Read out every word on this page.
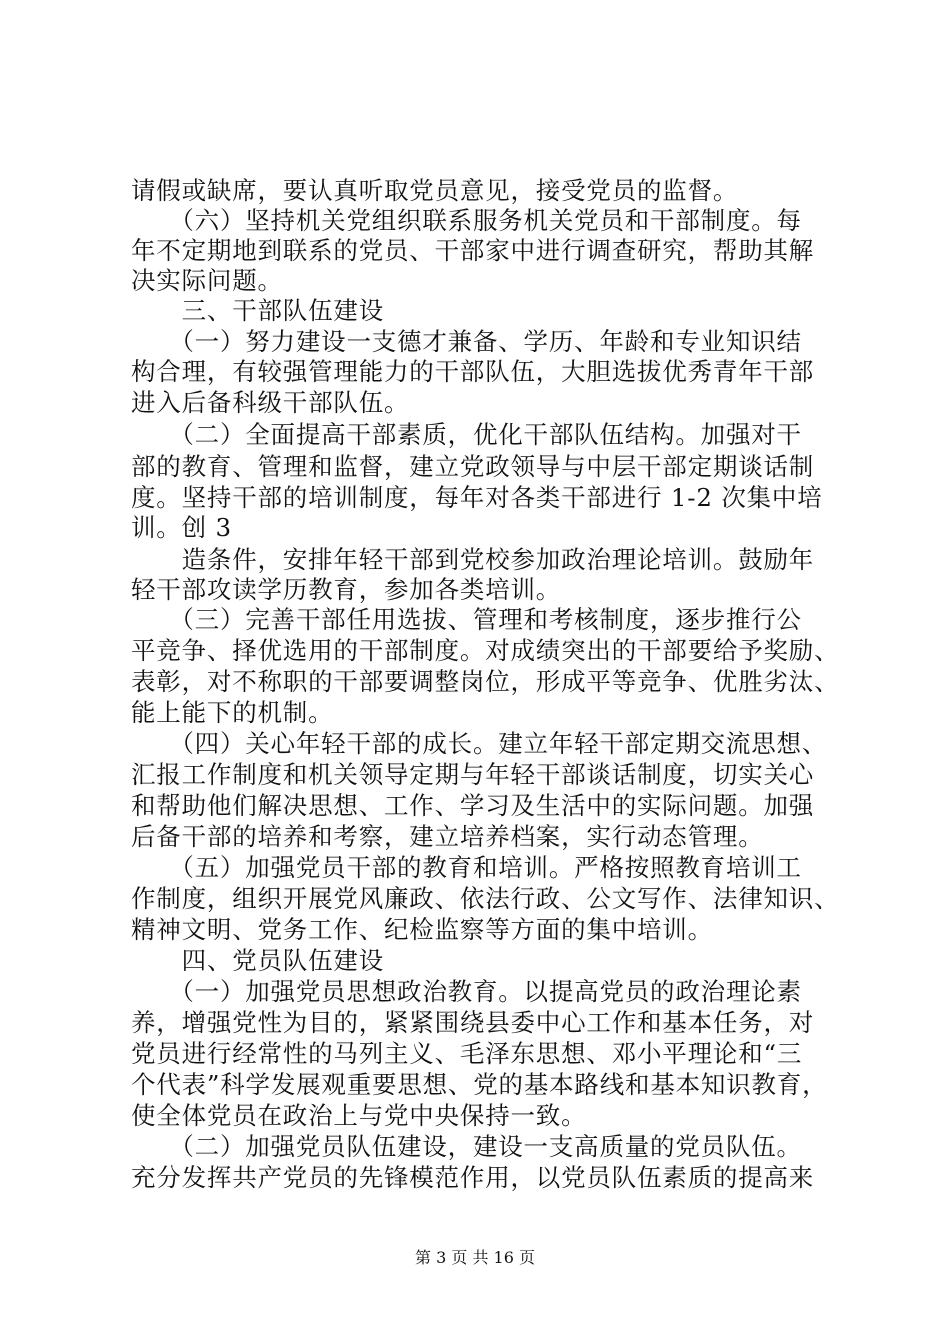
请假或缺席，要认真听取党员意见，接受党员的监督。
　　（六）坚持机关党组织联系服务机关党员和干部制度。每
年不定期地到联系的党员、干部家中进行调查研究，帮助其解
决实际问题。
　　三、干部队伍建设
　　（一）努力建设一支德才兼备、学历、年龄和专业知识结
构合理，有较强管理能力的干部队伍，大胆选拔优秀青年干部
进入后备科级干部队伍。
　　（二）全面提高干部素质，优化干部队伍结构。加强对干
部的教育、管理和监督，建立党政领导与中层干部定期谈话制
度。坚持干部的培训制度，每年对各类干部进行 1-2 次集中培
训。创 3
　　造条件，安排年轻干部到党校参加政治理论培训。鼓励年
轻干部攻读学历教育，参加各类培训。
　　（三）完善干部任用选拔、管理和考核制度，逐步推行公
平竞争、择优选用的干部制度。对成绩突出的干部要给予奖励、
表彰，对不称职的干部要调整岗位，形成平等竞争、优胜劣汰、
能上能下的机制。
　　（四）关心年轻干部的成长。建立年轻干部定期交流思想、
汇报工作制度和机关领导定期与年轻干部谈话制度，切实关心
和帮助他们解决思想、工作、学习及生活中的实际问题。加强
后备干部的培养和考察，建立培养档案，实行动态管理。
　　（五）加强党员干部的教育和培训。严格按照教育培训工
作制度，组织开展党风廉政、依法行政、公文写作、法律知识、
精神文明、党务工作、纪检监察等方面的集中培训。
　　四、党员队伍建设
　　（一）加强党员思想政治教育。以提高党员的政治理论素
养，增强党性为目的，紧紧围绕县委中心工作和基本任务，对
党员进行经常性的马列主义、毛泽东思想、邓小平理论和“三
个代表”科学发展观重要思想、党的基本路线和基本知识教育，
使全体党员在政治上与党中央保持一致。
　　（二）加强党员队伍建设，建设一支高质量的党员队伍。
充分发挥共产党员的先锋模范作用，以党员队伍素质的提高来
第 3 页 共 16 页
